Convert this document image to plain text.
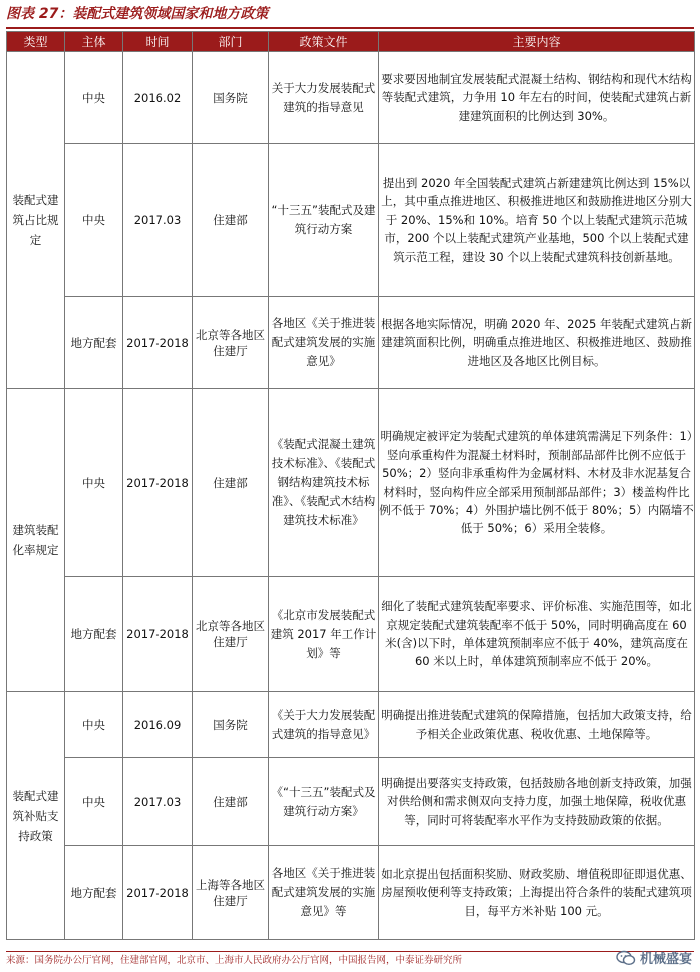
图表 27：装配式建筑领域国家和地方政策
类型	主体	时间	部门	政策文件	主要内容
装配式建筑占比规定	中央	2016.02	国务院	关于大力发展装配式建筑的指导意见	要求要因地制宜发展装配式混凝土结构、钢结构和现代木结构等装配式建筑，力争用 10 年左右的时间，使装配式建筑占新建建筑面积的比例达到 30%。
	中央	2017.03	住建部	“十三五”装配式及建筑行动方案	提出到 2020 年全国装配式建筑占新建建筑比例达到 15%以上，其中重点推进地区、积极推进地区和鼓励推进地区分别大于 20%、15%和 10%。培育 50 个以上装配式建筑示范城市，200 个以上装配式建筑产业基地，500 个以上装配式建筑示范工程，建设 30 个以上装配式建筑科技创新基地。
	地方配套	2017-2018	北京等各地区住建厅	各地区《关于推进装配式建筑发展的实施意见》	根据各地实际情况，明确 2020 年、2025 年装配式建筑占新建建筑面积比例，明确重点推进地区、积极推进地区、鼓励推进地区及各地区比例目标。
建筑装配化率规定	中央	2017-2018	住建部	《装配式混凝土建筑技术标准》、《装配式钢结构建筑技术标准》、《装配式木结构建筑技术标准》	明确规定被评定为装配式建筑的单体建筑需满足下列条件：1）竖向承重构件为混凝土材料时，预制部品部件比例不应低于 50%；2）竖向非承重构件为金属材料、木材及非水泥基复合材料时，竖向构件应全部采用预制部品部件；3）楼盖构件比例不低于 70%；4）外围护墙比例不低于 80%；5）内隔墙不低于 50%；6）采用全装修。
	地方配套	2017-2018	北京等各地区住建厅	《北京市发展装配式建筑 2017 年工作计划》等	细化了装配式建筑装配率要求、评价标准、实施范围等，如北京规定装配式建筑装配率不低于 50%，同时明确高度在 60 米(含)以下时，单体建筑预制率应不低于 40%，建筑高度在 60 米以上时，单体建筑预制率应不低于 20%。
装配式建筑补贴支持政策	中央	2016.09	国务院	《关于大力发展装配式建筑的指导意见》	明确提出推进装配式建筑的保障措施，包括加大政策支持，给予相关企业政策优惠、税收优惠、土地保障等。
	中央	2017.03	住建部	《“十三五”装配式及建筑行动方案》	明确提出要落实支持政策，包括鼓励各地创新支持政策，加强对供给侧和需求侧双向支持力度，加强土地保障，税收优惠等，同时可将装配率水平作为支持鼓励政策的依据。
	地方配套	2017-2018	上海等各地区住建厅	各地区《关于推进装配式建筑发展的实施意见》等	如北京提出包括面积奖励、财政奖励、增值税即征即退优惠、房屋预收便利等支持政策；上海提出符合条件的装配式建筑项目，每平方米补贴 100 元。
来源：国务院办公厅官网，住建部官网，北京市、上海市人民政府办公厅官网，中国报告网，中泰证券研究所	机械盛宴
